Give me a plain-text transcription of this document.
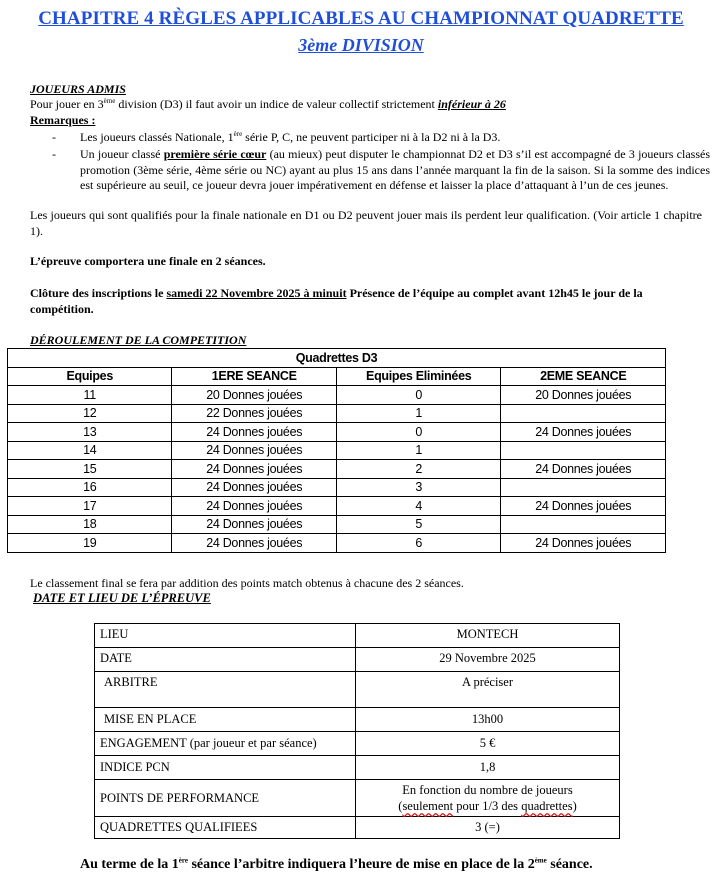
CHAPITRE 4 RÈGLES APPLICABLES AU CHAMPIONNAT QUADRETTE
3ème DIVISION
JOUEURS ADMIS
Pour jouer en 3ème division (D3) il faut avoir un indice de valeur collectif strictement inférieur à 26
Remarques :
- Les joueurs classés Nationale, 1ère série P, C, ne peuvent participer ni à la D2 ni à la D3.
- Un joueur classé première série cœur (au mieux) peut disputer le championnat D2 et D3 s’il est accompagné de 3 joueurs classés promotion (3ème série, 4ème série ou NC) ayant au plus 15 ans dans l’année marquant la fin de la saison. Si la somme des indices est supérieure au seuil, ce joueur devra jouer impérativement en défense et laisser la place d’attaquant à l’un de ces jeunes.
Les joueurs qui sont qualifiés pour la finale nationale en D1 ou D2 peuvent jouer mais ils perdent leur qualification. (Voir article 1 chapitre 1).
L’épreuve comportera une finale en 2 séances.
Clôture des inscriptions le samedi 22 Novembre 2025 à minuit Présence de l’équipe au complet avant 12h45 le jour de la compétition.
DÉROULEMENT DE LA COMPETITION
Quadrettes D3			
Equipes	1ERE SEANCE	Equipes Eliminées	2EME SEANCE
11	20 Donnes jouées	0	20 Donnes jouées
12	22 Donnes jouées	1	
13	24 Donnes jouées	0	24 Donnes jouées
14	24 Donnes jouées	1	
15	24 Donnes jouées	2	24 Donnes jouées
16	24 Donnes jouées	3	
17	24 Donnes jouées	4	24 Donnes jouées
18	24 Donnes jouées	5	
19	24 Donnes jouées	6	24 Donnes jouées
Le classement final se fera par addition des points match obtenus à chacune des 2 séances.
DATE ET LIEU DE L’ÉPREUVE
LIEU	MONTECH
DATE	29 Novembre 2025
ARBITRE	A préciser
MISE EN PLACE	13h00
ENGAGEMENT (par joueur et par séance)	5 €
INDICE PCN	1,8
POINTS DE PERFORMANCE	En fonction du nombre de joueurs
(seulement pour 1/3 des quadrettes)

QUADRETTES QUALIFIEES	3 (=)
Au terme de la 1ère séance l’arbitre indiquera l’heure de mise en place de la 2ème séance.
